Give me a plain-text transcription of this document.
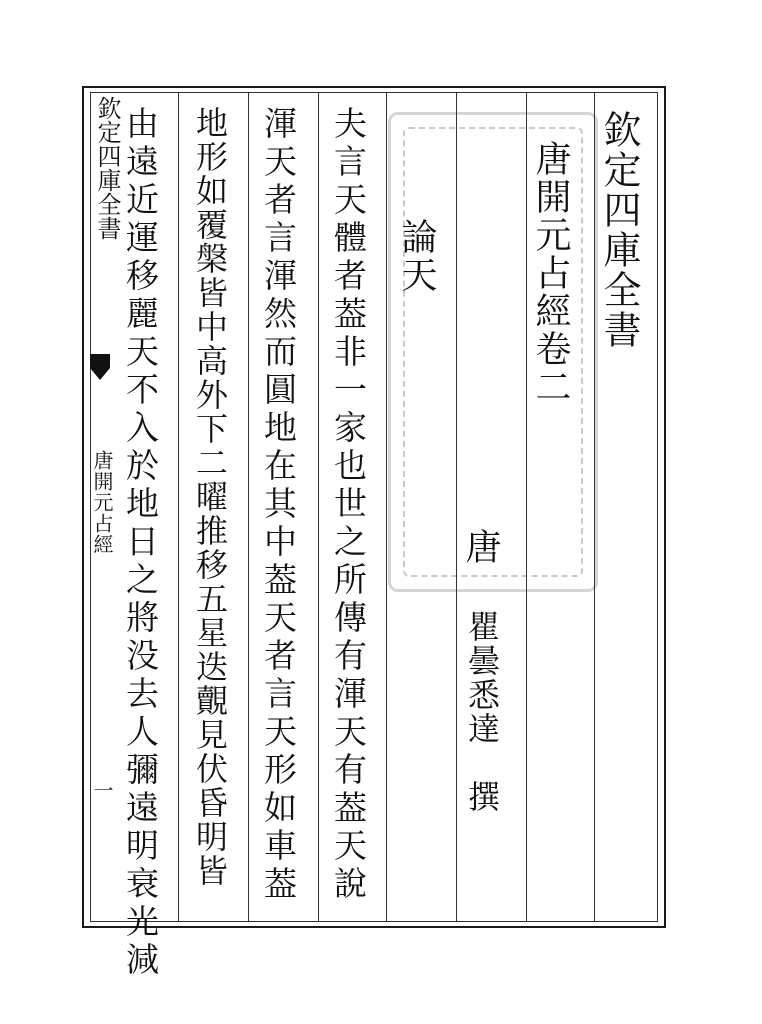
欽定四庫全書
唐開元占經
一
欽定四庫全書
唐開元占經卷二
唐
瞿曇悉達
撰
論天
夫言天體者葢非一家也世之所傳有渾天有葢天說
渾天者言渾然而圓地在其中葢天者言天形如車葢
地形如覆槃皆中高外下二曜推移五星迭覿見伏昏明皆
由遠近運移麗天不入於地日之將没去人彌遠明衰光減
